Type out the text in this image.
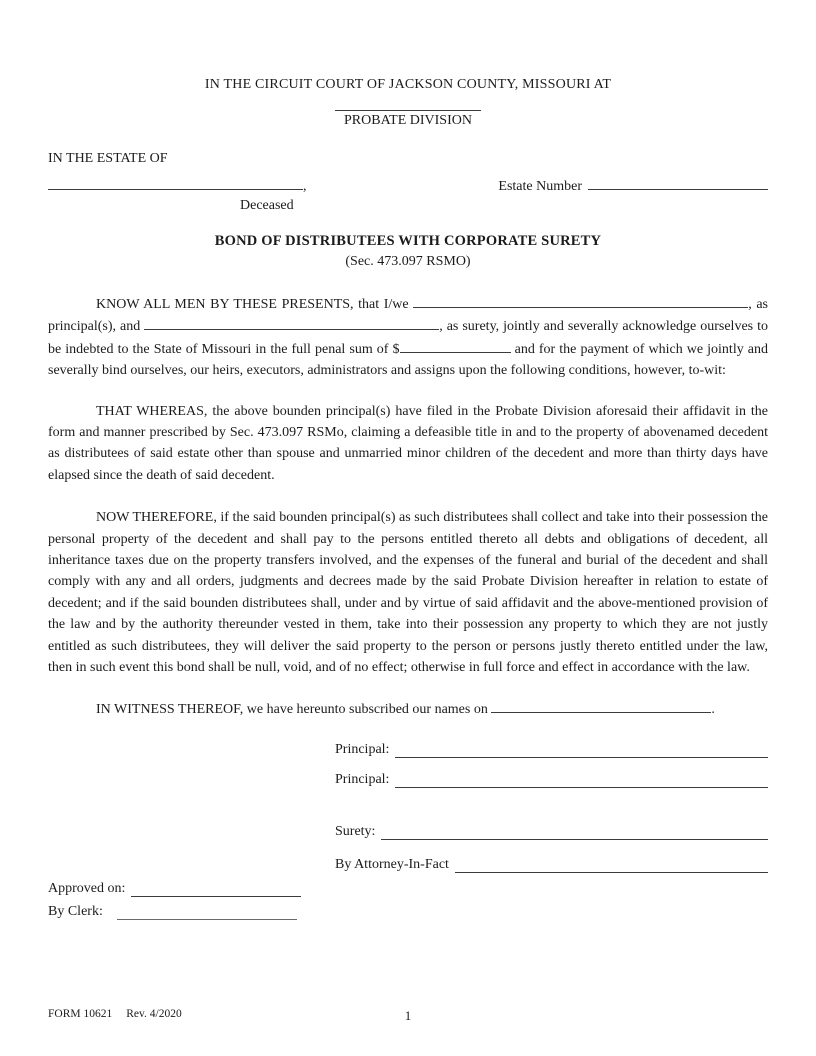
IN THE CIRCUIT COURT OF JACKSON COUNTY, MISSOURI AT
PROBATE DIVISION
IN THE ESTATE OF
,	Estate Number
Deceased
BOND OF DISTRIBUTEES WITH CORPORATE SURETY
(Sec. 473.097 RSMO)

KNOW ALL MEN BY THESE PRESENTS, that I/we	, as principal(s), and	, as surety, jointly and severally acknowledge ourselves to be indebted to the State of Missouri in the full penal sum of $	and for the payment of which we jointly and severally bind ourselves, our heirs, executors, administrators and assigns upon the following conditions, however, to-wit:

THAT WHEREAS, the above bounden principal(s) have filed in the Probate Division aforesaid their affidavit in the form and manner prescribed by Sec. 473.097 RSMo, claiming a defeasible title in and to the property of abovenamed decedent as distributees of said estate other than spouse and unmarried minor children of the decedent and more than thirty days have elapsed since the death of said decedent.

NOW THEREFORE, if the said bounden principal(s) as such distributees shall collect and take into their possession the personal property of the decedent and shall pay to the persons entitled thereto all debts and obligations of decedent, all inheritance taxes due on the property transfers involved, and the expenses of the funeral and burial of the decedent and shall comply with any and all orders, judgments and decrees made by the said Probate Division hereafter in relation to estate of decedent; and if the said bounden distributees shall, under and by virtue of said affidavit and the above-mentioned provision of the law and by the authority thereunder vested in them, take into their possession any property to which they are not justly entitled as such distributees, they will deliver the said property to the person or persons justly thereto entitled under the law, then in such event this bond shall be null, void, and of no effect; otherwise in full force and effect in accordance with the law.

IN WITNESS THEREOF, we have hereunto subscribed our names on	.

Principal:
Principal:
Surety:
By Attorney-In-Fact
Approved on:
By Clerk:
FORM 10621 Rev. 4/2020	1
